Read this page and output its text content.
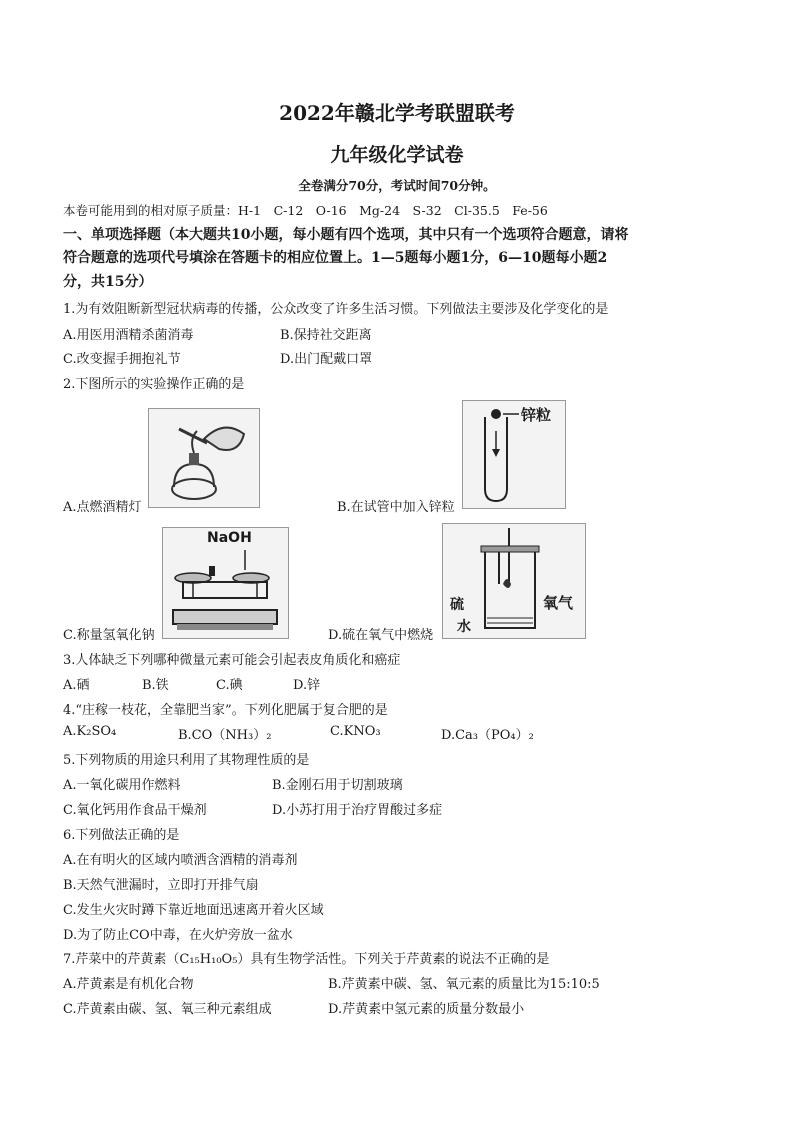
2022年赣北学考联盟联考
九年级化学试卷
全卷满分70分，考试时间70分钟。
本卷可能用到的相对原子质量：H-1　C-12　O-16　Mg-24　S-32　Cl-35.5　Fe-56
一、单项选择题（本大题共10小题，每小题有四个选项，其中只有一个选项符合题意，请将
符合题意的选项代号填涂在答题卡的相应位置上。1—5题每小题1分，6—10题每小题2
分，共15分）
1.为有效阻断新型冠状病毒的传播，公众改变了许多生活习惯。下列做法主要涉及化学变化的是
A.用医用酒精杀菌消毒	B.保持社交距离
C.改变握手拥抱礼节	D.出门配戴口罩
2.下图所示的实验操作正确的是
A.点燃酒精灯
锌粒
B.在试管中加入锌粒
NaOH
C.称量氢氧化钠
硫
水
氧气
D.硫在氧气中燃烧
3.人体缺乏下列哪种微量元素可能会引起表皮角质化和癌症
A.硒	B.铁	C.碘	D.锌
4.“庄稼一枝花，全靠肥当家”。下列化肥属于复合肥的是
A.K₂SO₄	B.CO（NH₃）₂	C.KNO₃	D.Ca₃（PO₄）₂
5.下列物质的用途只利用了其物理性质的是
A.一氧化碳用作燃料	B.金刚石用于切割玻璃
C.氧化钙用作食品干燥剂	D.小苏打用于治疗胃酸过多症
6.下列做法正确的是
A.在有明火的区域内喷洒含酒精的消毒剂
B.天然气泄漏时，立即打开排气扇
C.发生火灾时蹲下靠近地面迅速离开着火区域
D.为了防止CO中毒，在火炉旁放一盆水
7.芹菜中的芹黄素（C₁₅H₁₀O₅）具有生物学活性。下列关于芹黄素的说法不正确的是
A.芹黄素是有机化合物	B.芹黄素中碳、氢、氧元素的质量比为15:10:5
C.芹黄素由碳、氢、氧三种元素组成	D.芹黄素中氢元素的质量分数最小
